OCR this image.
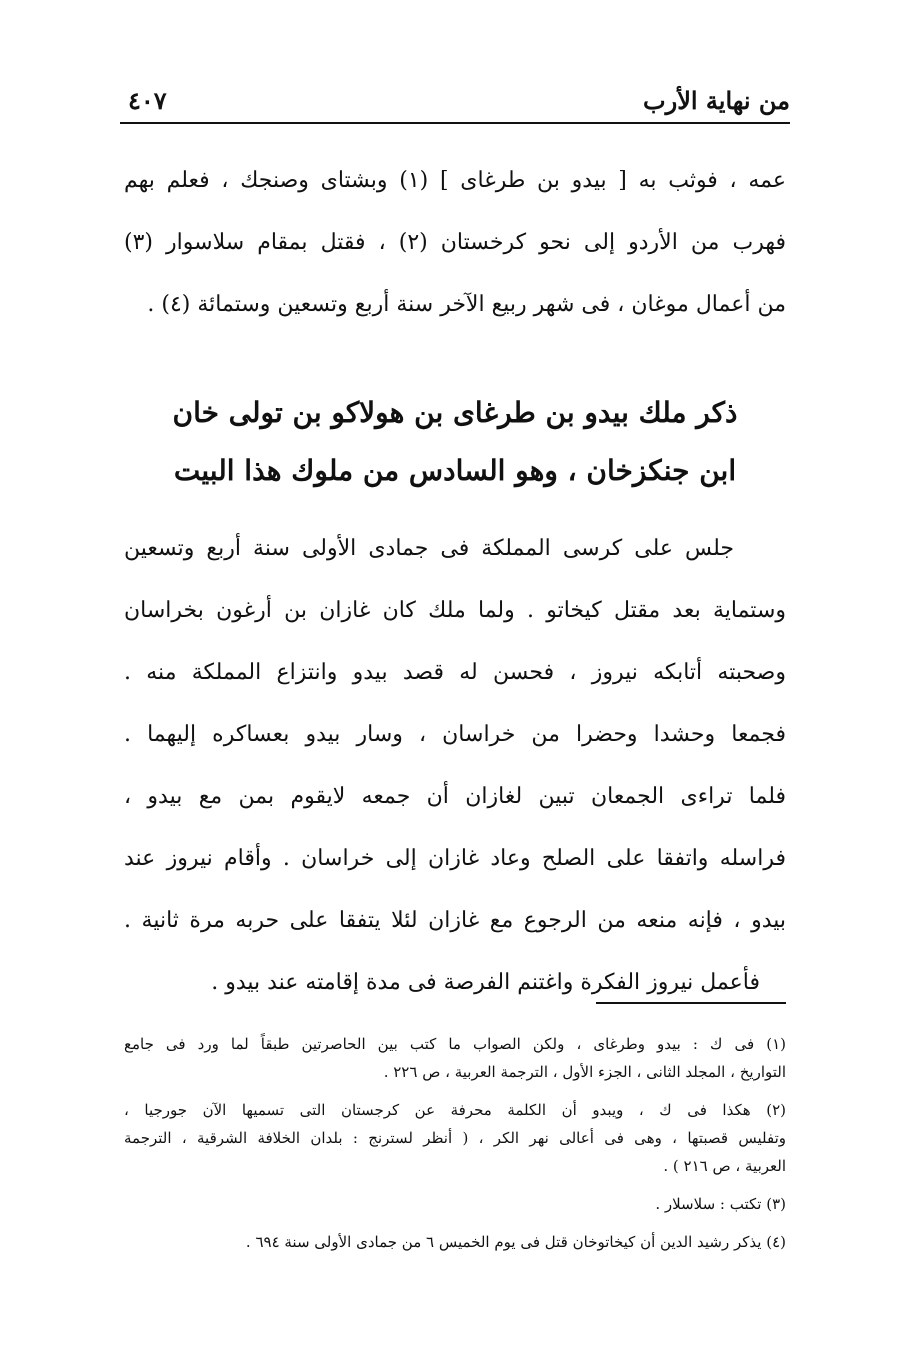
من نهاية الأرب
٤٠٧
عمه ، فوثب به [ بيدو بن طرغاى ] (١) وبشتاى وصنجك ، فعلم بهم
فهرب من الأردو إلى نحو كرخستان (٢) ، فقتل بمقام سلاسوار (٣)
من أعمال موغان ، فى شهر ربيع الآخر سنة أربع وتسعين وستمائة (٤) .
ذكر ملك بيدو بن طرغاى بن هولاكو بن تولى خان
ابن جنكزخان ، وهو السادس من ملوك هذا البيت
جلس على كرسى المملكة فى جمادى الأولى سنة أربع وتسعين
وستماية بعد مقتل كيخاتو . ولما ملك كان غازان بن أرغون بخراسان
وصحبته أتابكه نيروز ، فحسن له قصد بيدو وانتزاع المملكة منه .
فجمعا وحشدا وحضرا من خراسان ، وسار بيدو بعساكره إليهما .
فلما تراءى الجمعان تبين لغازان أن جمعه لايقوم بمن مع بيدو ،
فراسله واتفقا على الصلح وعاد غازان إلى خراسان . وأقام نيروز عند
بيدو ، فإنه منعه من الرجوع مع غازان لئلا يتفقا على حربه مرة ثانية .
فأعمل نيروز الفكرة واغتنم الفرصة فى مدة إقامته عند بيدو .
(١) فى ك : بيدو وطرغاى ، ولكن الصواب ما كتب بين الحاصرتين طبقاً لما ورد فى جامع
التواريخ ، المجلد الثانى ، الجزء الأول ، الترجمة العربية ، ص ٢٢٦ .
(٢) هكذا فى ك ، ويبدو أن الكلمة محرفة عن كرجستان التى تسميها الآن جورجيا ،
وتفليس قصبتها ، وهى فى أعالى نهر الكر ، ( أنظر لسترنج : بلدان الخلافة الشرقية ، الترجمة
العربية ، ص ٢١٦ ) .
(٣) تكتب : سلاسلار .
(٤) يذكر رشيد الدين أن كيخاتوخان قتل فى يوم الخميس ٦ من جمادى الأولى سنة ٦٩٤ .
